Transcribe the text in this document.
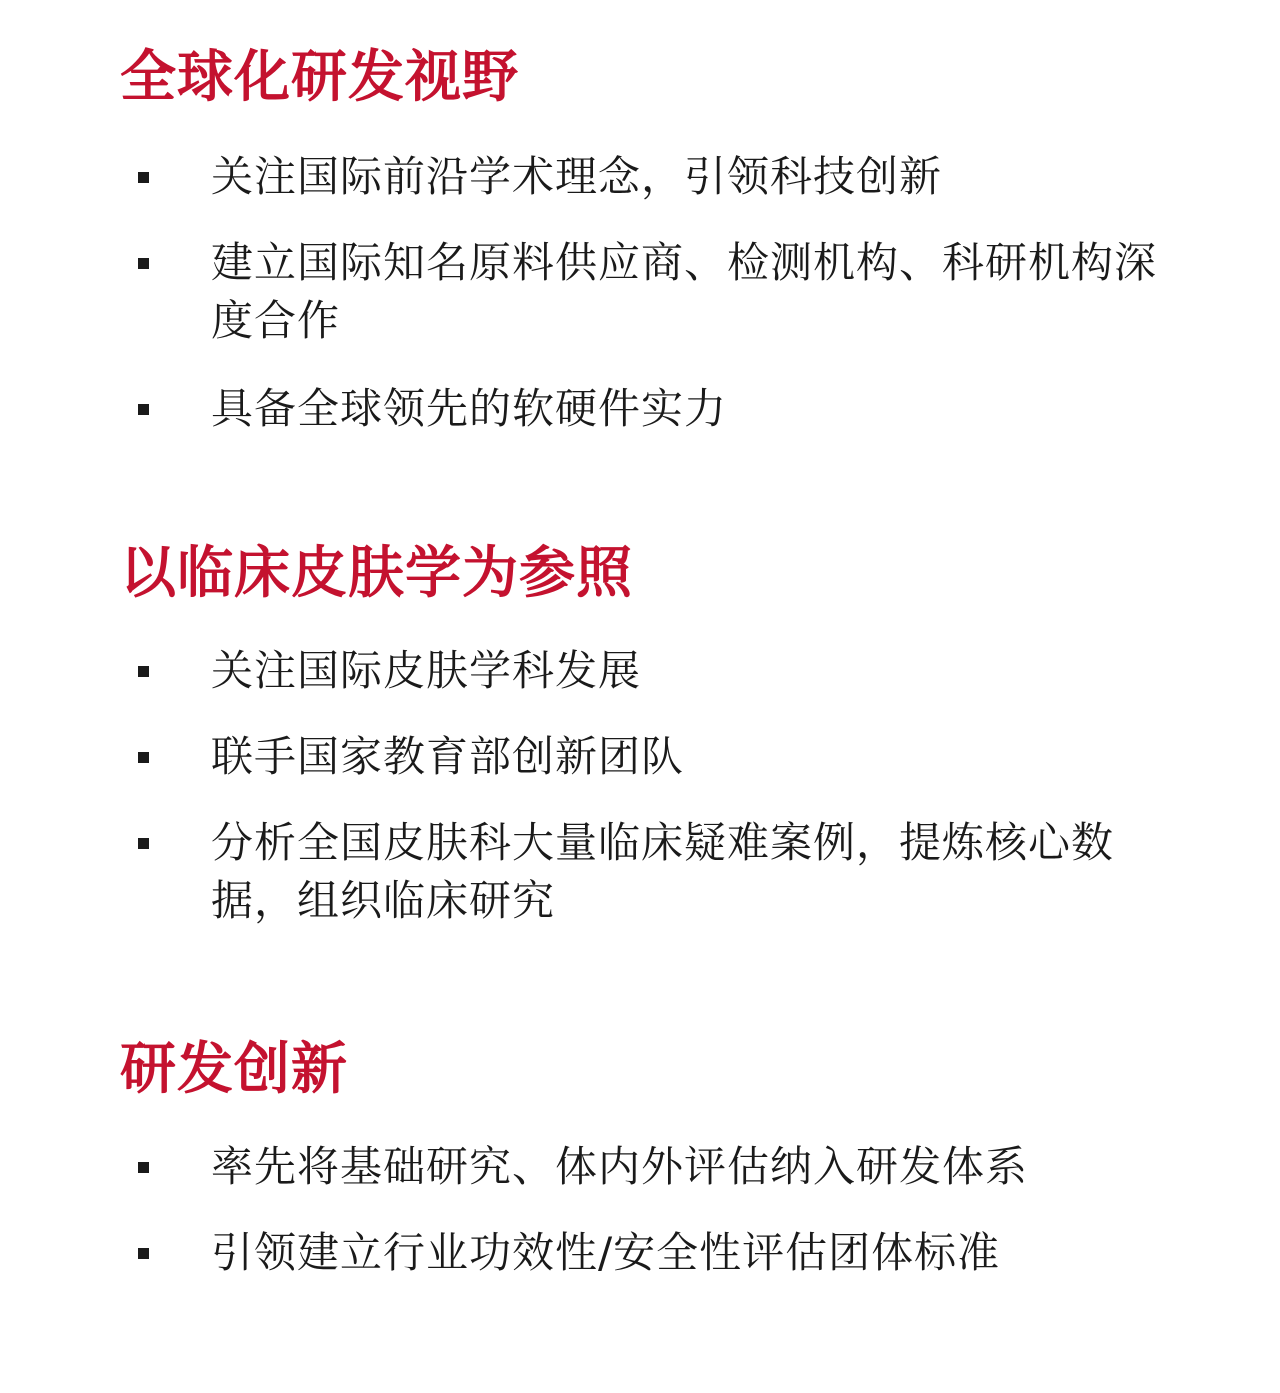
全球化研发视野

关注国际前沿学术理念，引领科技创新

建立国际知名原料供应商、检测机构、科研机构深度合作

具备全球领先的软硬件实力

以临床皮肤学为参照

关注国际皮肤学科发展

联手国家教育部创新团队

分析全国皮肤科大量临床疑难案例，提炼核心数据，组织临床研究

研发创新

率先将基础研究、体内外评估纳入研发体系

引领建立行业功效性/安全性评估团体标准
